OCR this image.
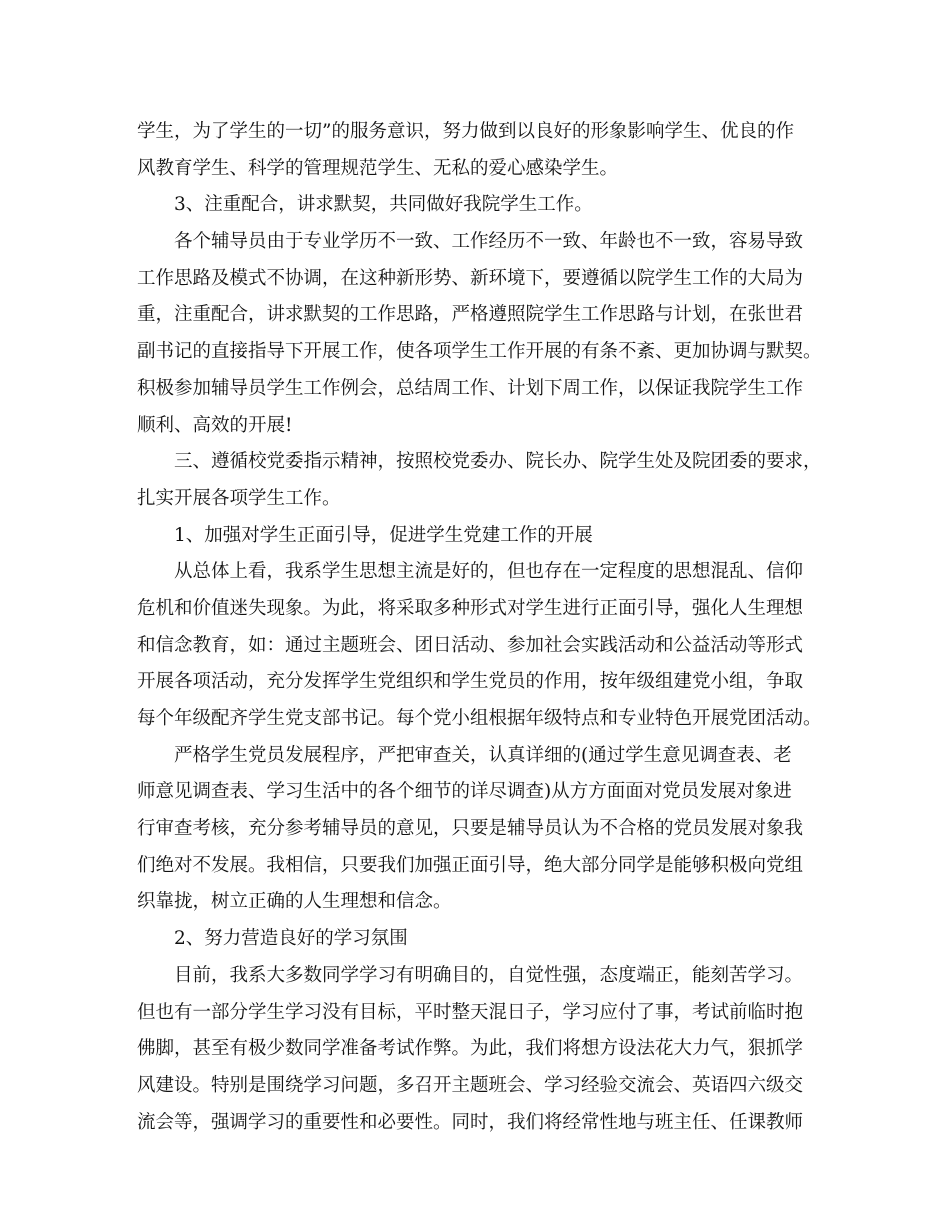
学生，为了学生的一切”的服务意识，努力做到以良好的形象影响学生、优良的作
风教育学生、科学的管理规范学生、无私的爱心感染学生。
3、注重配合，讲求默契，共同做好我院学生工作。
各个辅导员由于专业学历不一致、工作经历不一致、年龄也不一致，容易导致
工作思路及模式不协调，在这种新形势、新环境下，要遵循以院学生工作的大局为
重，注重配合，讲求默契的工作思路，严格遵照院学生工作思路与计划，在张世君
副书记的直接指导下开展工作，使各项学生工作开展的有条不紊、更加协调与默契。
积极参加辅导员学生工作例会，总结周工作、计划下周工作，以保证我院学生工作
顺利、高效的开展!
三、遵循校党委指示精神，按照校党委办、院长办、院学生处及院团委的要求，
扎实开展各项学生工作。
1、加强对学生正面引导，促进学生党建工作的开展
从总体上看，我系学生思想主流是好的，但也存在一定程度的思想混乱、信仰
危机和价值迷失现象。为此，将采取多种形式对学生进行正面引导，强化人生理想
和信念教育，如：通过主题班会、团日活动、参加社会实践活动和公益活动等形式
开展各项活动，充分发挥学生党组织和学生党员的作用，按年级组建党小组，争取
每个年级配齐学生党支部书记。每个党小组根据年级特点和专业特色开展党团活动。
严格学生党员发展程序，严把审查关，认真详细的(通过学生意见调查表、老
师意见调查表、学习生活中的各个细节的详尽调查)从方方面面对党员发展对象进
行审查考核，充分参考辅导员的意见，只要是辅导员认为不合格的党员发展对象我
们绝对不发展。我相信，只要我们加强正面引导，绝大部分同学是能够积极向党组
织靠拢，树立正确的人生理想和信念。
2、努力营造良好的学习氛围
目前，我系大多数同学学习有明确目的，自觉性强，态度端正，能刻苦学习。
但也有一部分学生学习没有目标，平时整天混日子，学习应付了事，考试前临时抱
佛脚，甚至有极少数同学准备考试作弊。为此，我们将想方设法花大力气，狠抓学
风建设。特别是围绕学习问题，多召开主题班会、学习经验交流会、英语四六级交
流会等，强调学习的重要性和必要性。同时，我们将经常性地与班主任、任课教师
